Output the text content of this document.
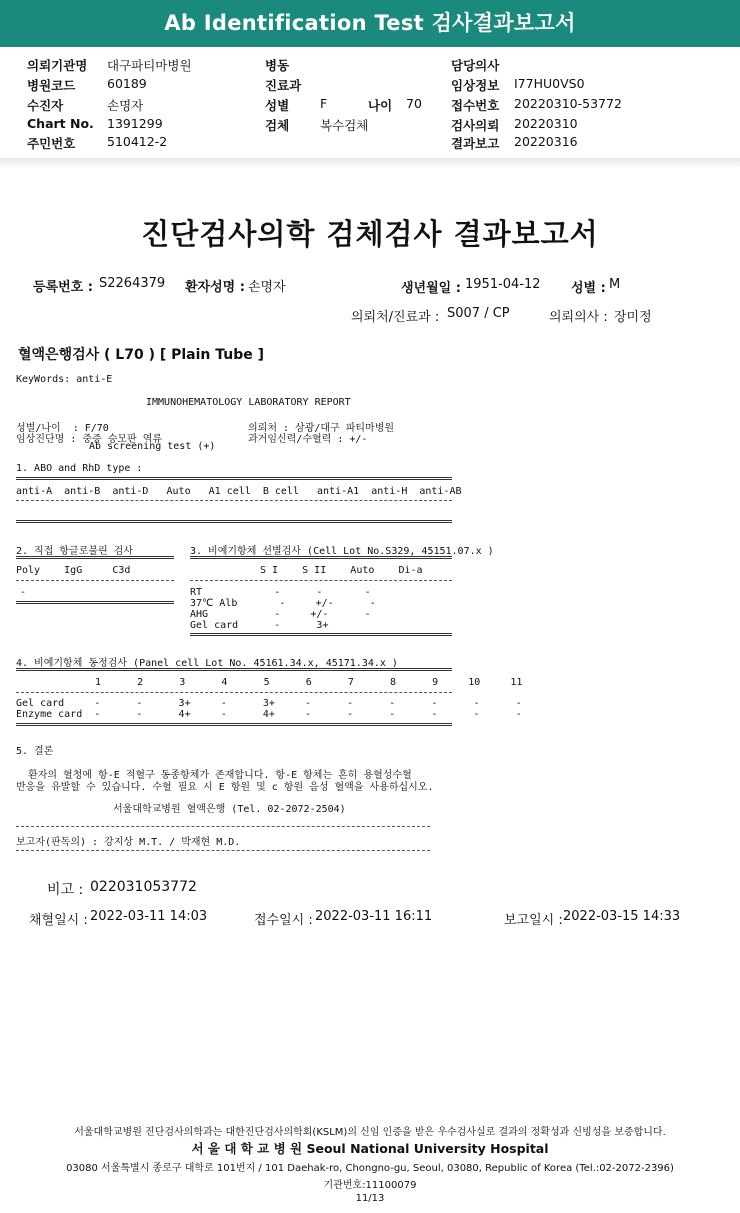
Ab Identification Test 검사결과보고서
의뢰기관명 대구파티마병원
병원코드	60189
수진자	손명자
Chart No. 1391299
주민번호	510412-2
병동
진료과
성별 F	나이 70
검체 복수검체
담당의사
임상정보 I77HU0VS0
접수번호 20220310-53772
검사의뢰 20220310
결과보고 20220316
진단검사의학 검체검사 결과보고서
등록번호 : S2264379 환자성명 : 손명자	생년월일 : 1951-04-12 성별 : M
의뢰처/진료과 : S007 / CP	의뢰의사 : 장미정
혈액은행검사 ( L70 ) [ Plain Tube ]
KeyWords: anti-E
IMMUNOHEMATOLOGY LABORATORY REPORT
성별/나이  : F/70	의뢰처 : 삼광/대구 파티마병원
임상진단명 : 중증 승모판 역류	과거임신력/수혈력 : +/-
Ab screening test (+)
1. ABO and RhD type :
anti-A  anti-B  anti-D   Auto   A1 cell  B cell   anti-A1  anti-H  anti-AB
2. 직접 항글로불린 검사
Poly    IgG     C3d
-
3. 비예기항체 선별검사 (Cell Lot No.S329, 45151.07.x )
S I    S II    Auto    Di-a
RT            -      -       -
37℃ Alb       -     +/-      -
AHG           -     +/-      -
Gel card      -      3+
4. 비예기항체 동정검사 (Panel cell Lot No. 45161.34.x, 45171.34.x )
1      2      3      4      5      6      7      8      9     10     11
Gel card     -      -      3+     -      3+     -      -      -      -      -      -
Enzyme card  -      -      4+     -      4+     -      -      -      -      -      -
5. 결론
환자의 혈청에 항-E 적혈구 동종항체가 존재합니다. 항-E 항체는 흔히 용혈성수혈
반응을 유발할 수 있습니다. 수혈 필요 시 E 항원 및 c 항원 음성 혈액을 사용하십시오.
서울대학교병원 혈액은행 (Tel. 02-2072-2504)
보고자(판독의) : 강지상 M.T. / 박재현 M.D.
비고 : 022031053772
채혈일시 : 2022-03-11 14:03	접수일시 : 2022-03-11 16:11	보고일시 : 2022-03-15 14:33
서울대학교병원 진단검사의학과는 대한진단검사의학회(KSLM)의 신임 인증을 받은 우수검사실로 결과의 정확성과 신빙성을 보증합니다.
서 울 대 학 교 병 원 Seoul National University Hospital
03080 서울특별시 종로구 대학로 101번지 / 101 Daehak-ro, Chongno-gu, Seoul, 03080, Republic of Korea (Tel.:02-2072-2396)
기관번호:11100079
11/13
